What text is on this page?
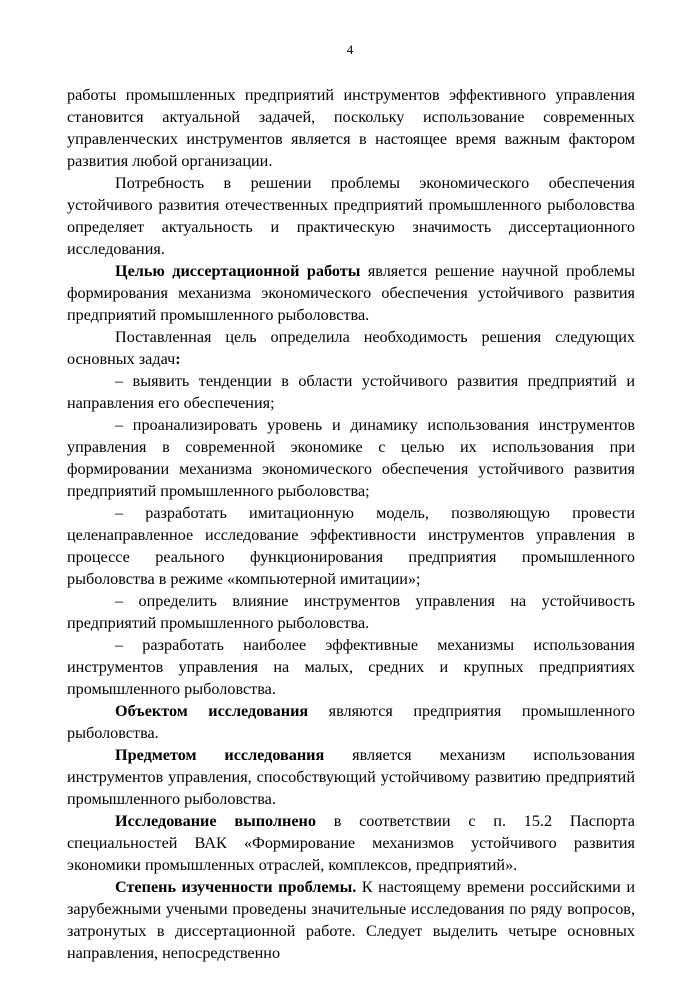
4

работы промышленных предприятий инструментов эффективного управления становится актуальной задачей, поскольку использование современных управленческих инструментов является в настоящее время важным фактором развития любой организации.

Потребность в решении проблемы экономического обеспечения устойчивого развития отечественных предприятий промышленного рыболовства определяет актуальность и практическую значимость диссертационного исследования.

Целью диссертационной работы является решение научной проблемы формирования механизма экономического обеспечения устойчивого развития предприятий промышленного рыболовства.

Поставленная цель определила необходимость решения следующих основных задач:

– выявить тенденции в области устойчивого развития предприятий и направления его обеспечения;

– проанализировать уровень и динамику использования инструментов управления в современной экономике с целью их использования при формировании механизма экономического обеспечения устойчивого развития предприятий промышленного рыболовства;

– разработать имитационную модель, позволяющую провести целенаправленное исследование эффективности инструментов управления в процессе реального функционирования предприятия промышленного рыболовства в режиме «компьютерной имитации»;

– определить влияние инструментов управления на устойчивость предприятий промышленного рыболовства.

– разработать наиболее эффективные механизмы использования инструментов управления на малых, средних и крупных предприятиях промышленного рыболовства.

Объектом исследования являются предприятия промышленного рыболовства.

Предметом исследования является механизм использования инструментов управления, способствующий устойчивому развитию предприятий промышленного рыболовства.

Исследование выполнено в соответствии с п. 15.2 Паспорта специальностей ВАК «Формирование механизмов устойчивого развития экономики промышленных отраслей, комплексов, предприятий».

Степень изученности проблемы. К настоящему времени российскими и зарубежными учеными проведены значительные исследования по ряду вопросов, затронутых в диссертационной работе. Следует выделить четыре основных направления, непосредственно
